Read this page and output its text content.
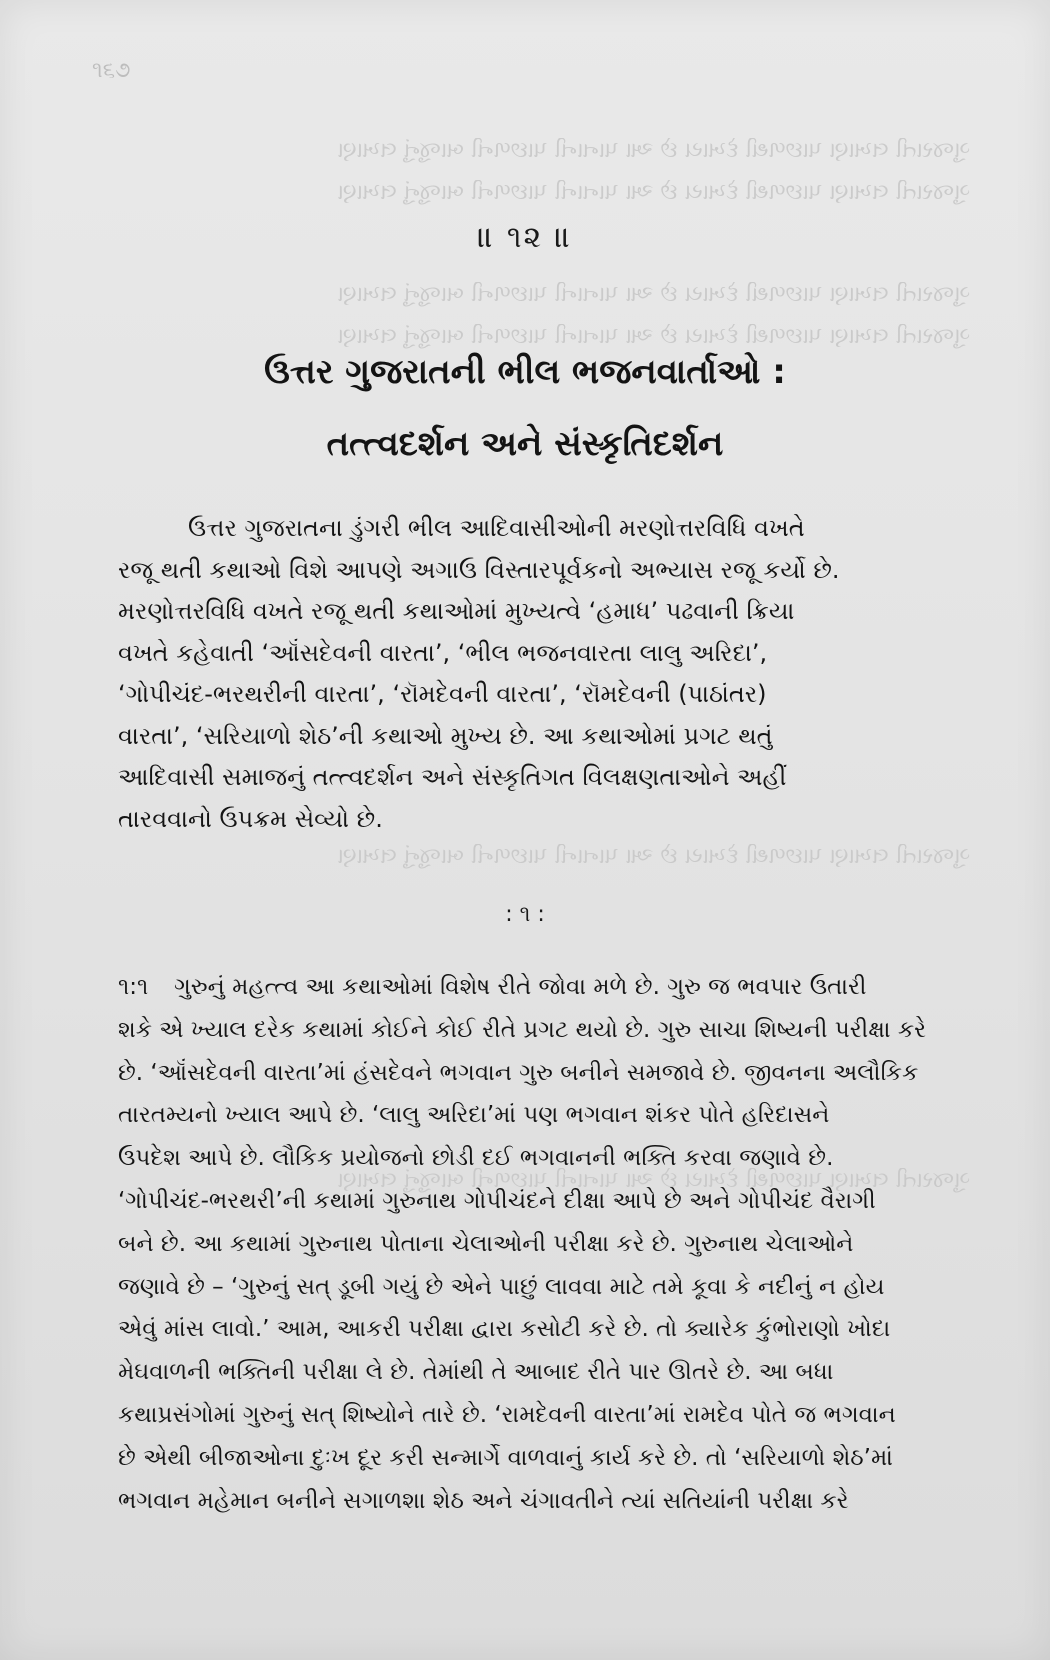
૧૬૭
ગુજરાતી લખાણ પાછળથી દેખાય છે આ પાનાની પાછળની બાજુનું લખાણ
ગુજરાતી લખાણ પાછળથી દેખાય છે આ પાનાની પાછળની બાજુનું લખાણ
ગુજરાતી લખાણ પાછળથી દેખાય છે આ પાનાની પાછળની બાજુનું લખાણ
ગુજરાતી લખાણ પાછળથી દેખાય છે આ પાનાની પાછળની બાજુનું લખાણ
ગુજરાતી લખાણ પાછળથી દેખાય છે આ પાનાની પાછળની બાજુનું લખાણ
ગુજરાતી લખાણ પાછળથી દેખાય છે આ પાનાની પાછળની બાજુનું લખાણ
॥ ૧૨ ॥
ઉત્તર ગુજરાતની ભીલ ભજનવાર્તાઓ :
તત્ત્વદર્શન અને સંસ્કૃતિદર્શન
ઉત્તર ગુજરાતના ડુંગરી ભીલ આદિવાસીઓની મરણોત્તરવિધિ વખતે
રજૂ થતી કથાઓ વિશે આપણે અગાઉ વિસ્તારપૂર્વકનો અભ્યાસ રજૂ કર્યો છે.
મરણોત્તરવિધિ વખતે રજૂ થતી કથાઓમાં મુખ્યત્વે ‘હમાધ’ પઢવાની ક્રિયા
વખતે કહેવાતી ‘ઑંસદેવની વારતા’, ‘ભીલ ભજનવારતા લાલુ અરિદા’,
‘ગોપીચંદ-ભરથરીની વારતા’, ‘રૉમદેવની વારતા’, ‘રૉમદેવની (પાઠાંતર)
વારતા’, ‘સરિયાળો શેઠ’ની કથાઓ મુખ્ય છે. આ કથાઓમાં પ્રગટ થતું
આદિવાસી સમાજનું તત્ત્વદર્શન અને સંસ્કૃતિગત વિલક્ષણતાઓને અહીં
તારવવાનો ઉપક્રમ સેવ્યો છે.
: ૧ :
૧:૧ ગુરુનું મહત્ત્વ આ કથાઓમાં વિશેષ રીતે જોવા મળે છે. ગુરુ જ ભવપાર ઉતારી
શકે એ ખ્યાલ દરેક કથામાં કોઈને કોઈ રીતે પ્રગટ થયો છે. ગુરુ સાચા શિષ્યની પરીક્ષા કરે
છે. ‘ઑંસદેવની વારતા’માં હંસદેવને ભગવાન ગુરુ બનીને સમજાવે છે. જીવનના અલૌકિક
તારતમ્યનો ખ્યાલ આપે છે. ‘લાલુ અરિદા’માં પણ ભગવાન શંકર પોતે હરિદાસને
ઉપદેશ આપે છે. લૌકિક પ્રયોજનો છોડી દઈ ભગવાનની ભક્તિ કરવા જણાવે છે.
‘ગોપીચંદ-ભરથરી’ની કથામાં ગુરુનાથ ગોપીચંદને દીક્ષા આપે છે અને ગોપીચંદ વૈરાગી
બને છે. આ કથામાં ગુરુનાથ પોતાના ચેલાઓની પરીક્ષા કરે છે. ગુરુનાથ ચેલાઓને
જણાવે છે – ‘ગુરુનું સત્ ડૂબી ગયું છે એને પાછું લાવવા માટે તમે કૂવા કે નદીનું ન હોય
એવું માંસ લાવો.’ આમ, આકરી પરીક્ષા દ્વારા કસોટી કરે છે. તો ક્યારેક કુંભોરાણો ખોદા
મેઘવાળની ભક્તિની પરીક્ષા લે છે. તેમાંથી તે આબાદ રીતે પાર ઊતરે છે. આ બધા
કથાપ્રસંગોમાં ગુરુનું સત્ શિષ્યોને તારે છે. ‘રામદેવની વારતા’માં રામદેવ પોતે જ ભગવાન
છે એથી બીજાઓના દુઃખ દૂર કરી સન્માર્ગે વાળવાનું કાર્ય કરે છે. તો ‘સરિયાળો શેઠ’માં
ભગવાન મહેમાન બનીને સગાળશા શેઠ અને ચંગાવતીને ત્યાં સતિયાંની પરીક્ષા કરે
